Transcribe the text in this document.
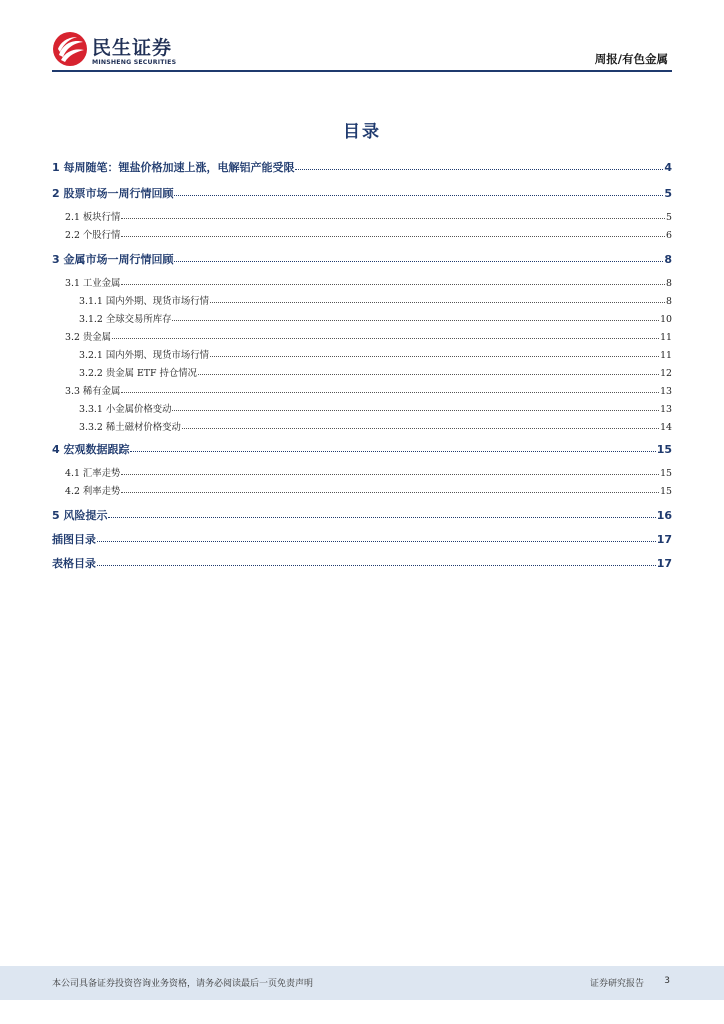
民生证券
MINSHENG SECURITIES	周报/有色金属
目录
1 每周随笔：锂盐价格加速上涨，电解铝产能受限	4
2 股票市场一周行情回顾	5
2.1 板块行情	5
2.2 个股行情	6
3 金属市场一周行情回顾	8
3.1 工业金属	8
3.1.1 国内外期、现货市场行情	8
3.1.2 全球交易所库存	10
3.2 贵金属	11
3.2.1 国内外期、现货市场行情	11
3.2.2 贵金属 ETF 持仓情况	12
3.3 稀有金属	13
3.3.1 小金属价格变动	13
3.3.2 稀土磁材价格变动	14
4 宏观数据跟踪	15
4.1 汇率走势	15
4.2 利率走势	15
5 风险提示	16
插图目录	17
表格目录	17
本公司具备证券投资咨询业务资格，请务必阅读最后一页免责声明	证券研究报告 3
